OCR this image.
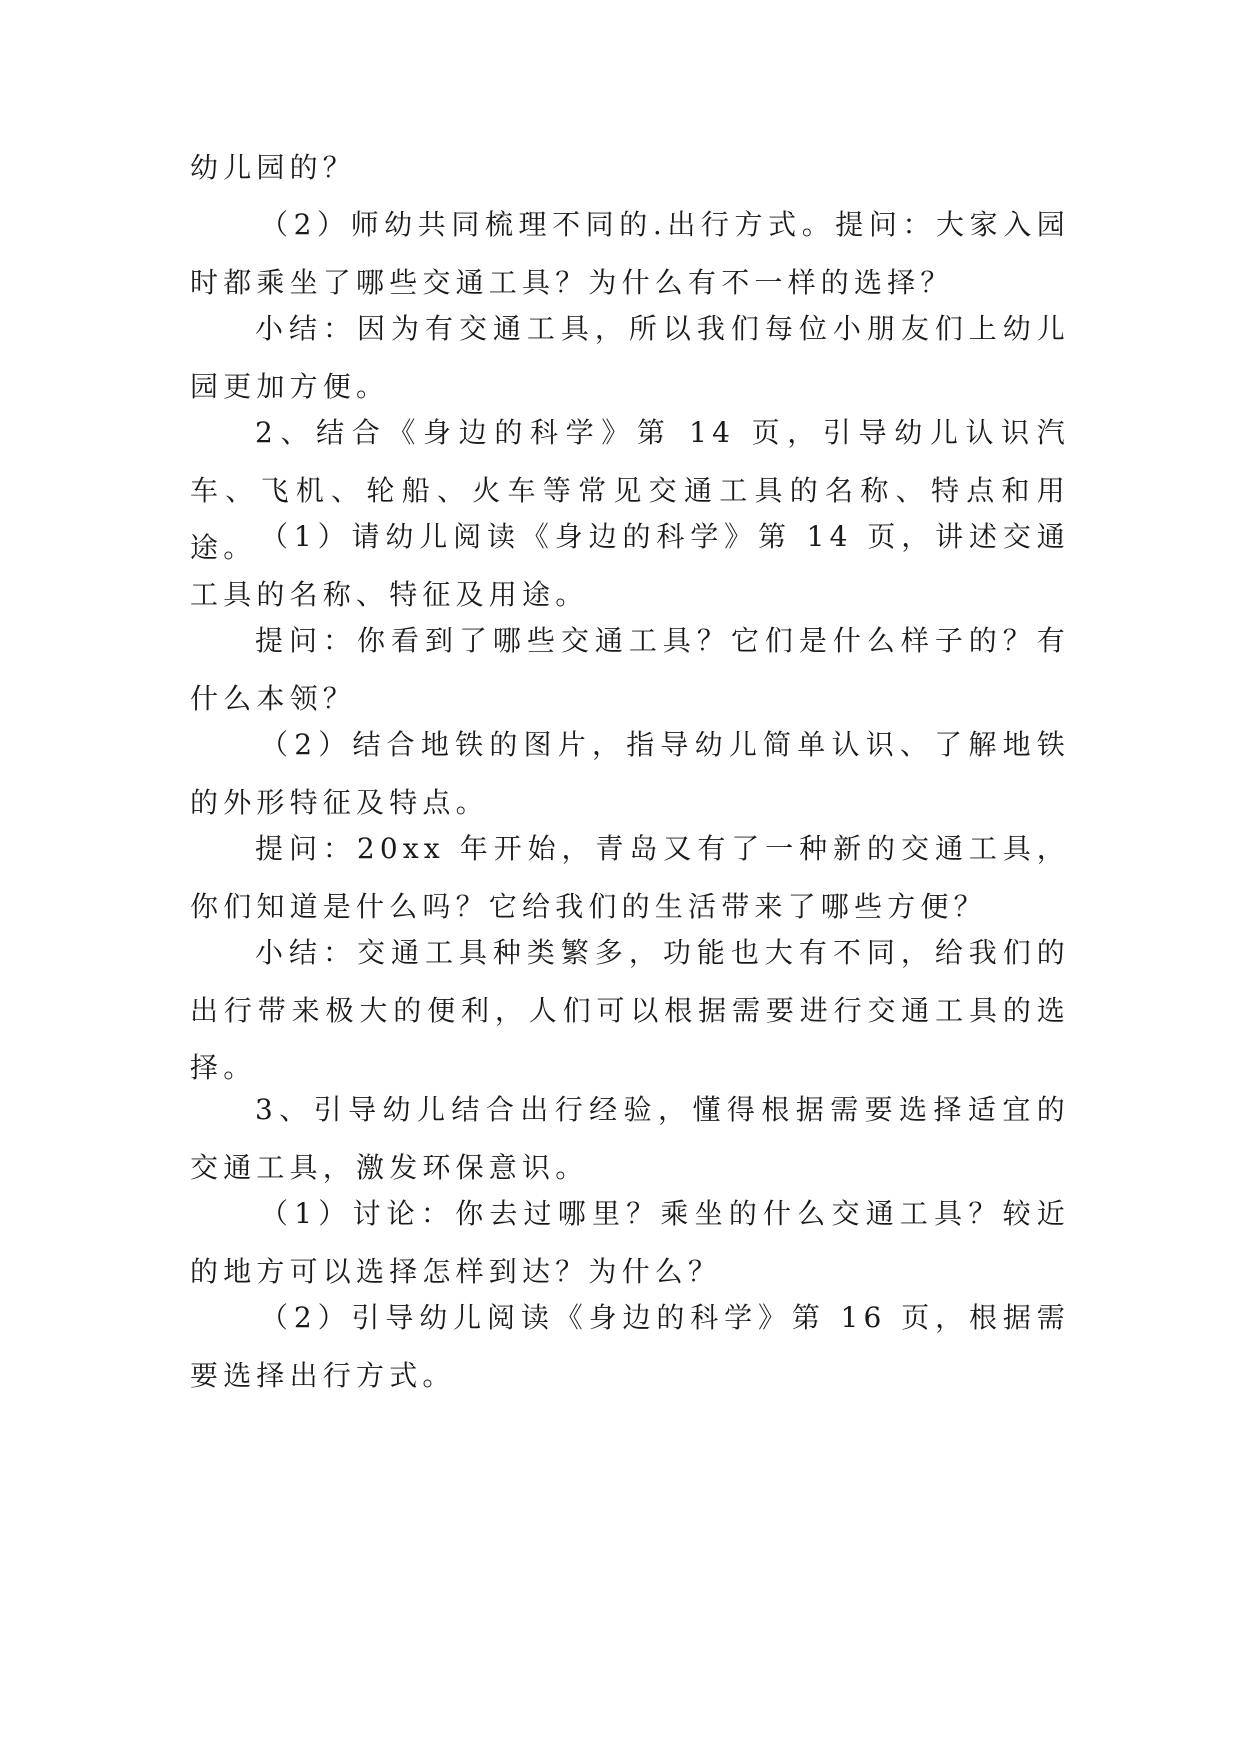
幼儿园的？

（2）师幼共同梳理不同的.出行方式。提问：大家入园时都乘坐了哪些交通工具？为什么有不一样的选择？

小结：因为有交通工具，所以我们每位小朋友们上幼儿园更加方便。

2、结合《身边的科学》第 14 页，引导幼儿认识汽车、飞机、轮船、火车等常见交通工具的名称、特点和用途。 （1）请幼儿阅读《身边的科学》第 14 页，讲述交通工具的名称、特征及用途。

提问：你看到了哪些交通工具？它们是什么样子的？有什么本领？

（2）结合地铁的图片，指导幼儿简单认识、了解地铁的外形特征及特点。

提问：20xx 年开始，青岛又有了一种新的交通工具，你们知道是什么吗？它给我们的生活带来了哪些方便？

小结：交通工具种类繁多，功能也大有不同，给我们的出行带来极大的便利，人们可以根据需要进行交通工具的选择。

3、引导幼儿结合出行经验，懂得根据需要选择适宜的交通工具，激发环保意识。

（1）讨论：你去过哪里？乘坐的什么交通工具？较近的地方可以选择怎样到达？为什么？

（2）引导幼儿阅读《身边的科学》第 16 页，根据需要选择出行方式。
